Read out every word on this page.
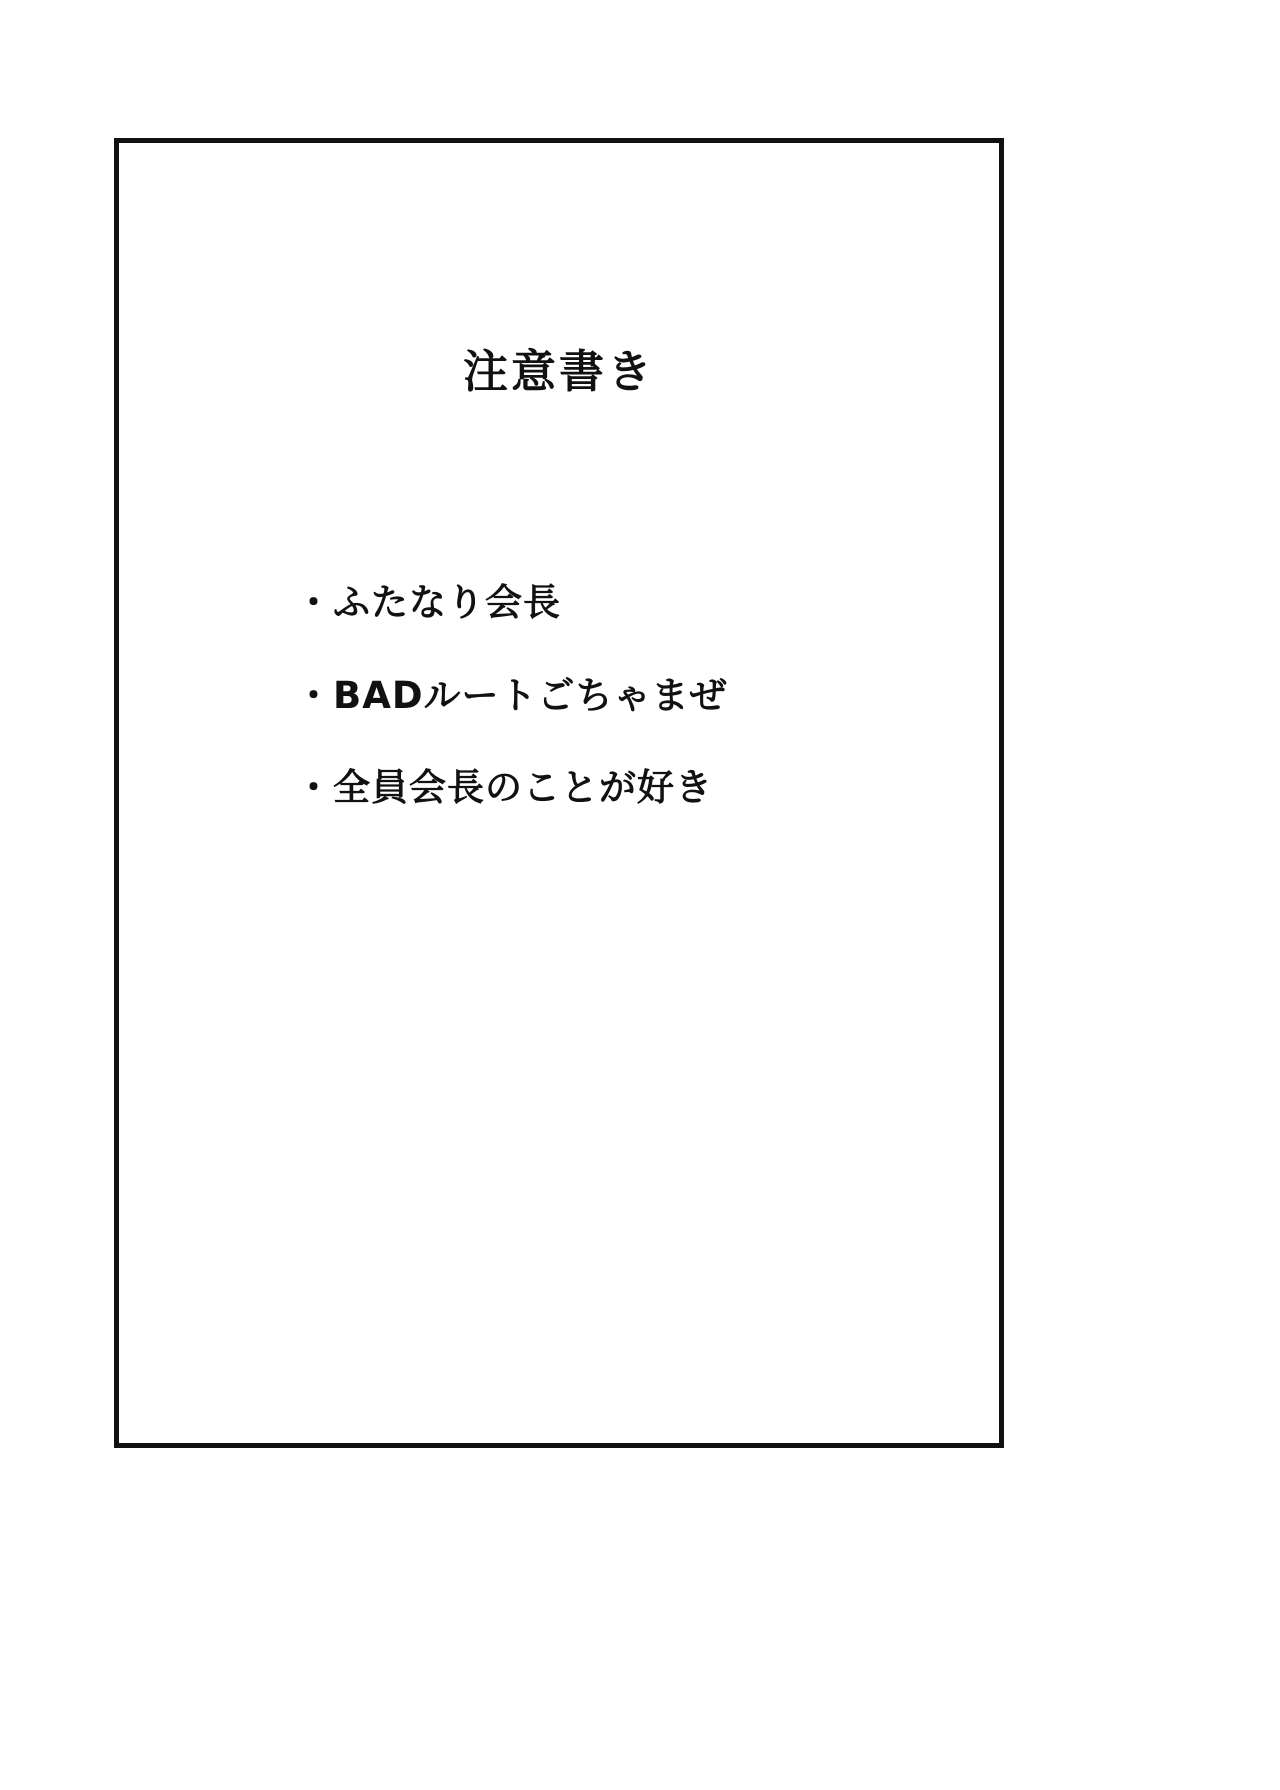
注意書き
・ふたなり会長
・BADルートごちゃまぜ
・全員会長のことが好き
